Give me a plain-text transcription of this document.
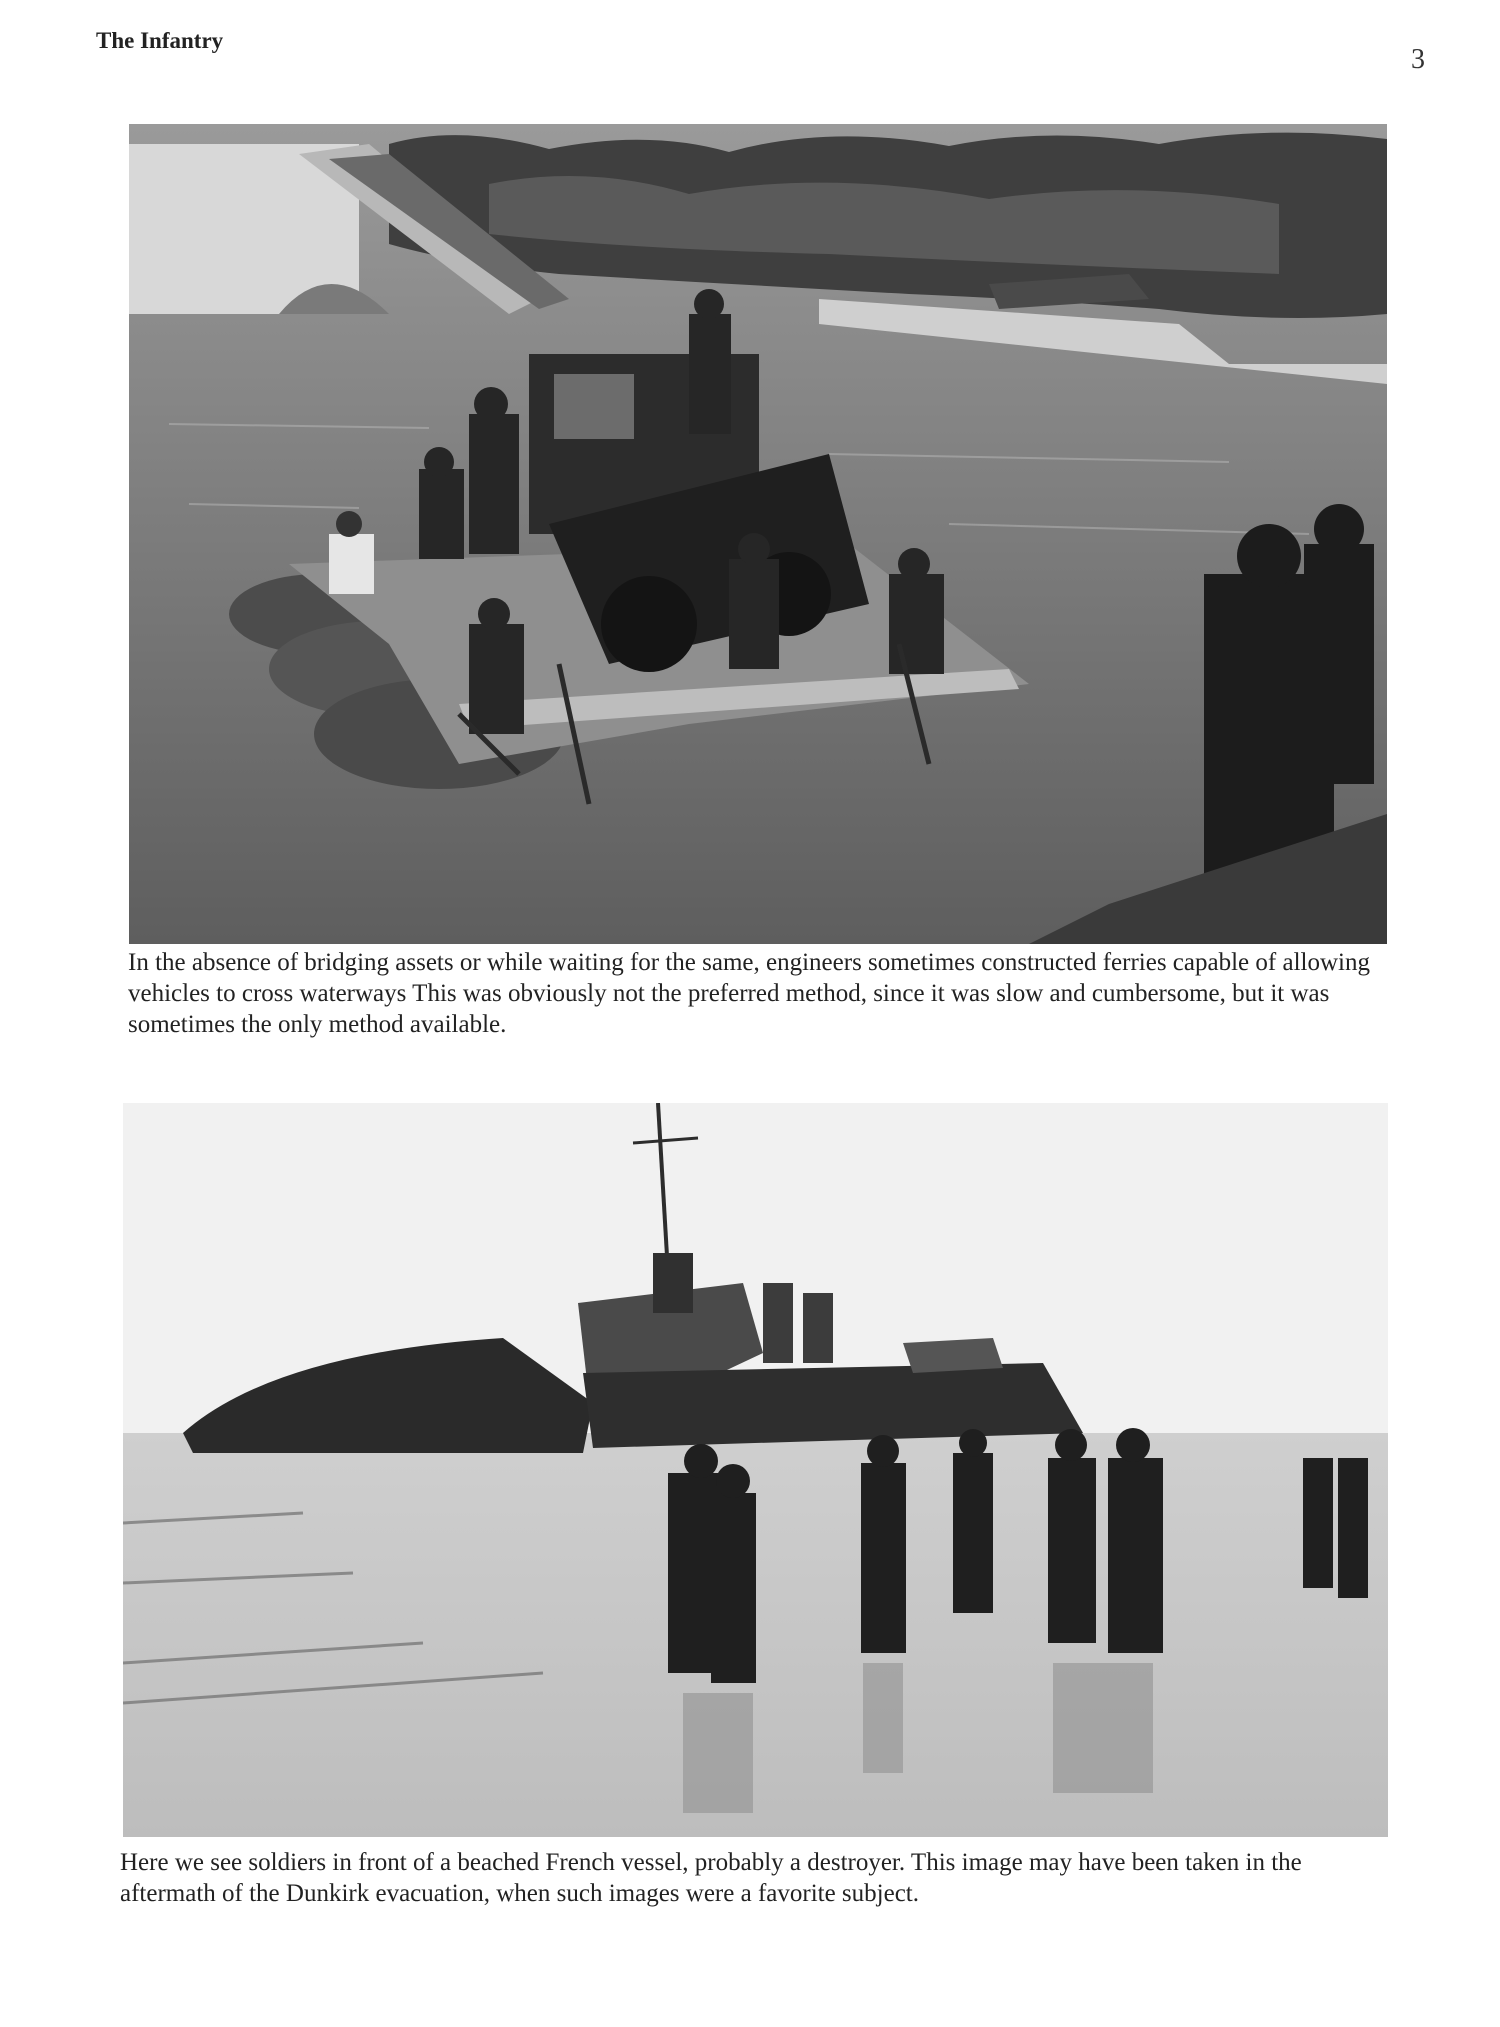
The Infantry
3
In the absence of bridging assets or while waiting for the same, engineers sometimes constructed ferries capable of allowing vehicles to cross waterways This was obviously not the preferred method, since it was slow and cumbersome, but it was sometimes the only method available.
Here we see soldiers in front of a beached French vessel, probably a destroyer. This image may have been taken in the aftermath of the Dunkirk evacuation, when such images were a favorite subject.
